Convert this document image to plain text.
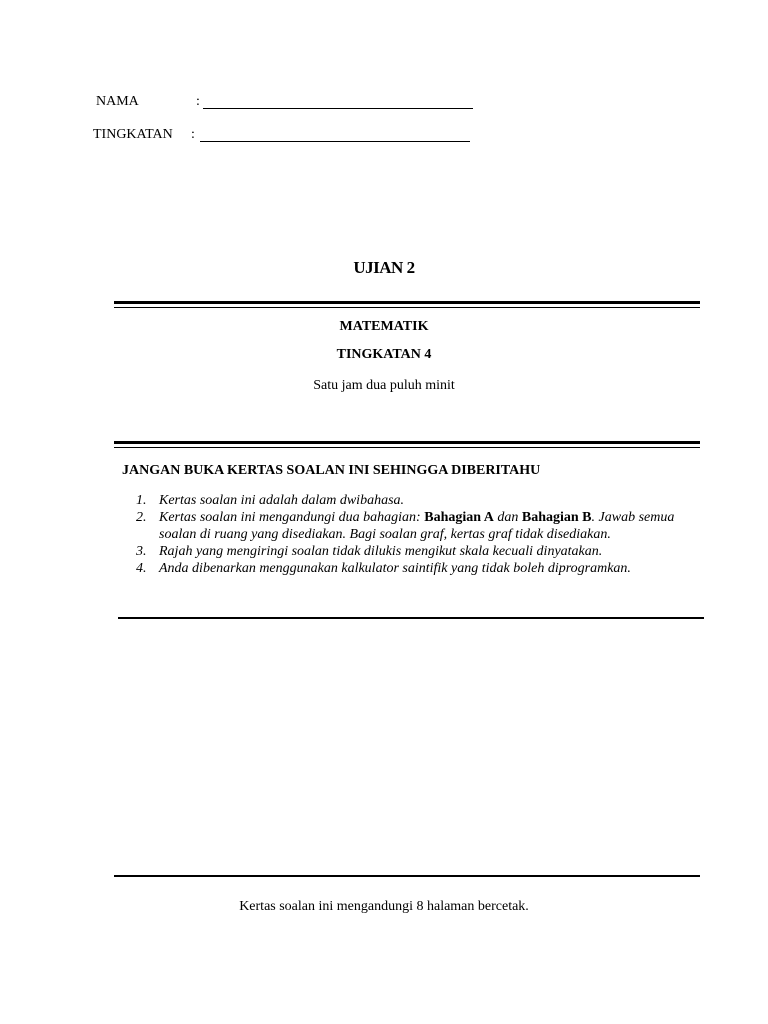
NAMA	:
TINGKATAN :
UJIAN 2
MATEMATIK
TINGKATAN 4
Satu jam dua puluh minit
JANGAN BUKA KERTAS SOALAN INI SEHINGGA DIBERITAHU
1. Kertas soalan ini adalah dalam dwibahasa.
2. Kertas soalan ini mengandungi dua bahagian: Bahagian A dan Bahagian B. Jawab semua soalan di ruang yang disediakan. Bagi soalan graf, kertas graf tidak disediakan.
3. Rajah yang mengiringi soalan tidak dilukis mengikut skala kecuali dinyatakan.
4. Anda dibenarkan menggunakan kalkulator saintifik yang tidak boleh diprogramkan.
Kertas soalan ini mengandungi 8 halaman bercetak.
